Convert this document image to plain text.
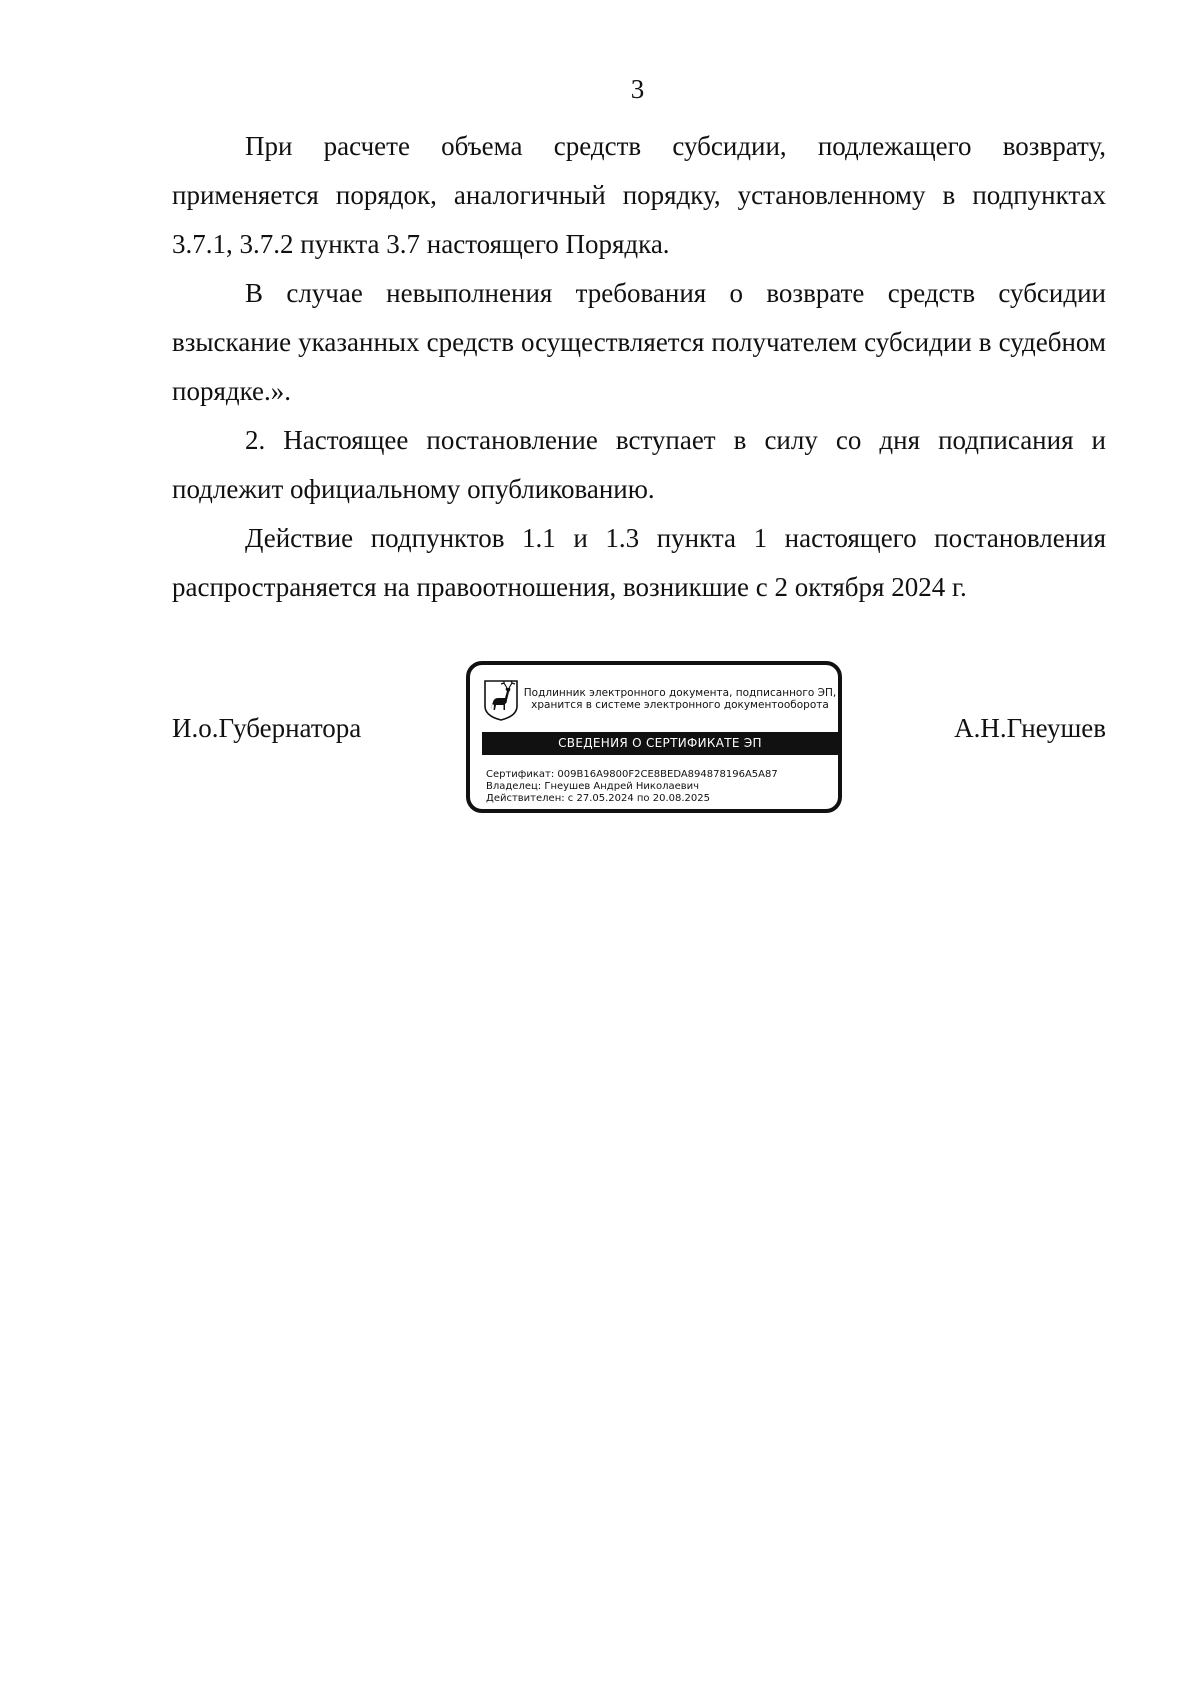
3

При расчете объема средств субсидии, подлежащего возврату, применяется порядок, аналогичный порядку, установленному в подпунктах 3.7.1, 3.7.2 пункта 3.7 настоящего Порядка.

В случае невыполнения требования о возврате средств субсидии взыскание указанных средств осуществляется получателем субсидии в судебном порядке.».

2. Настоящее постановление вступает в силу со дня подписания и подлежит официальному опубликованию.

Действие подпунктов 1.1 и 1.3 пункта 1 настоящего постановления распространяется на правоотношения, возникшие с 2 октября 2024 г.

И.о.Губернатора	А.Н.Гнеушев
Подлинник электронного документа, подписанного ЭП,
хранится в системе электронного документооборота
СВЕДЕНИЯ О СЕРТИФИКАТЕ ЭП
Сертификат: 009B16A9800F2CE8BEDA894878196A5A87
Владелец: Гнеушев Андрей Николаевич
Действителен: с 27.05.2024 по 20.08.2025
